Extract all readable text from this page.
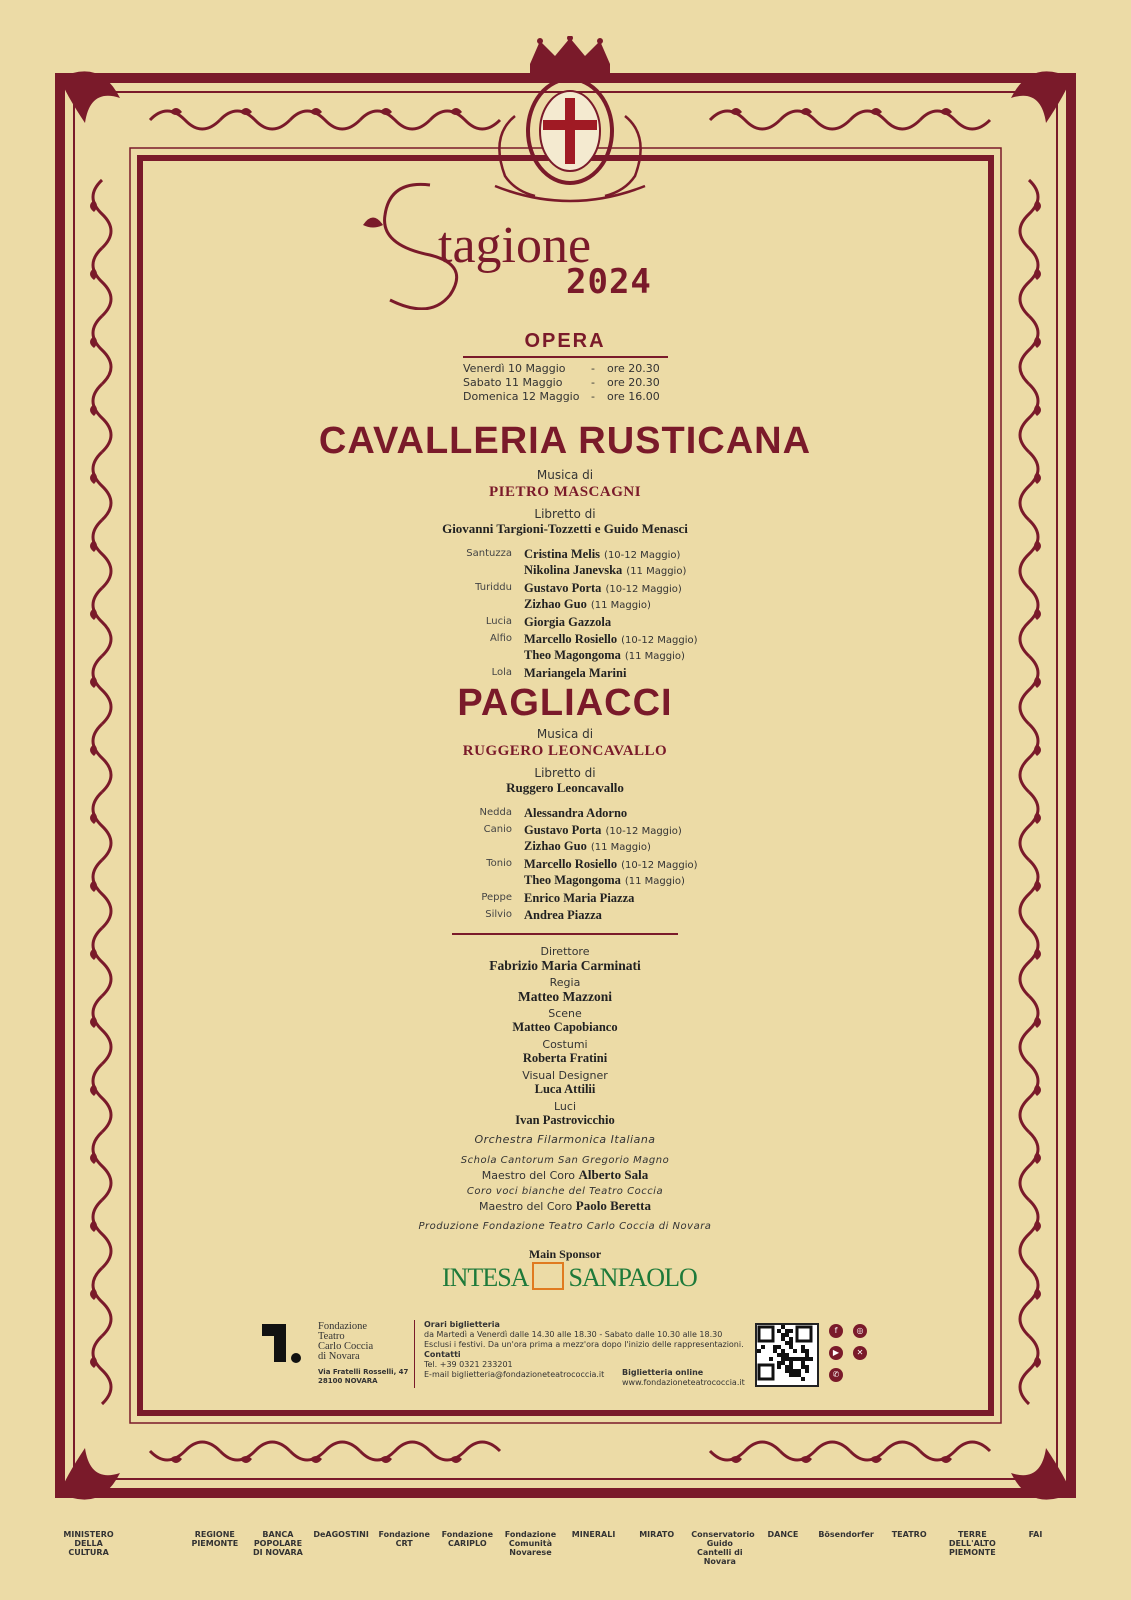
tagione
2024
OPERA
Venerdì 10 Maggio	-	ore 20.30
Sabato 11 Maggio	-	ore 20.30
Domenica 12 Maggio	-	ore 16.00
CAVALLERIA RUSTICANA
Musica di
PIETRO MASCAGNI
Libretto di
Giovanni Targioni-Tozzetti e Guido Menasci
Santuzza Cristina Melis (10-12 Maggio)
Nikolina Janevska (11 Maggio)
Turiddu Gustavo Porta (10-12 Maggio)
Zizhao Guo (11 Maggio)
Lucia Giorgia Gazzola
Alfio Marcello Rosiello (10-12 Maggio)
Theo Magongoma (11 Maggio)
Lola Mariangela Marini
PAGLIACCI
Musica di
RUGGERO LEONCAVALLO
Libretto di
Ruggero Leoncavallo
Nedda Alessandra Adorno
Canio Gustavo Porta (10-12 Maggio)
Zizhao Guo (11 Maggio)
Tonio Marcello Rosiello (10-12 Maggio)
Theo Magongoma (11 Maggio)
Peppe Enrico Maria Piazza
Silvio Andrea Piazza
Direttore
Fabrizio Maria Carminati
Regia
Matteo Mazzoni
Scene
Matteo Capobianco
Costumi
Roberta Fratini
Visual Designer
Luca Attilii
Luci
Ivan Pastrovicchio
Orchestra Filarmonica Italiana
Schola Cantorum San Gregorio Magno
Maestro del Coro Alberto Sala
Coro voci bianche del Teatro Coccia
Maestro del Coro Paolo Beretta
Produzione Fondazione Teatro Carlo Coccia di Novara
Main Sponsor
INTESA SANPAOLO
Fondazione
Teatro
Carlo Coccia
di Novara
Via Fratelli Rosselli, 47
28100 NOVARA
Orari biglietteria
da Martedì a Venerdì dalle 14.30 alle 18.30 - Sabato dalle 10.30 alle 18.30
Esclusi i festivi. Da un'ora prima a mezz'ora dopo l'inizio delle rappresentazioni.
Contatti
Tel. +39 0321 233201
E-mail biglietteria@fondazioneteatrococcia.it	Biglietteria online
www.fondazioneteatrococcia.it
f	◎
▶	✕
✆
MINISTERO DELLA CULTURA
REGIONE PIEMONTE
BANCA POPOLARE DI NOVARA
DeAGOSTINI	Fondazione CRT
Fondazione CARIPLO
Fondazione Comunità Novarese
MINERALI	MIRATO	Conservatorio Guido Cantelli di Novara
DANCE	Bösendorfer	TEATRO	TERRE DELL'ALTO PIEMONTE
FAI
